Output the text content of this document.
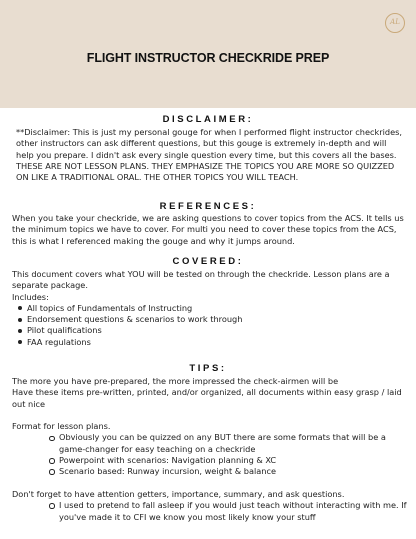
AL
FLIGHT INSTRUCTOR CHECKRIDE PREP
DISCLAIMER:

**Disclaimer: This is just my personal gouge for when I performed flight instructor checkrides, other instructors can ask different questions, but this gouge is extremely in-depth and will help you prepare. I didn't ask every single question every time, but this covers all the bases. THESE ARE NOT LESSON PLANS. THEY EMPHASIZE THE TOPICS YOU ARE MORE SO QUIZZED ON LIKE A TRADITIONAL ORAL. THE OTHER TOPICS YOU WILL TEACH.

REFERENCES:

When you take your checkride, we are asking questions to cover topics from the ACS. It tells us the minimum topics we have to cover. For multi you need to cover these topics from the ACS, this is what I referenced making the gouge and why it jumps around.

COVERED:
This document covers what YOU will be tested on through the checkride. Lesson plans are a separate package.
Includes:
All topics of Fundamentals of Instructing
Endorsement questions & scenarios to work through
Pilot qualifications
FAA regulations
TIPS:
The more you have pre-prepared, the more impressed the check-airmen will be
Have these items pre-written, printed, and/or organized, all documents within easy grasp / laid out nice
Format for lesson plans.
Obviously you can be quizzed on any BUT there are some formats that will be a game-changer for easy teaching on a checkride
Powerpoint with scenarios: Navigation planning & XC
Scenario based: Runway incursion, weight & balance
Don't forget to have attention getters, importance, summary, and ask questions.
I used to pretend to fall asleep if you would just teach without interacting with me. If you've made it to CFI we know you most likely know your stuff
